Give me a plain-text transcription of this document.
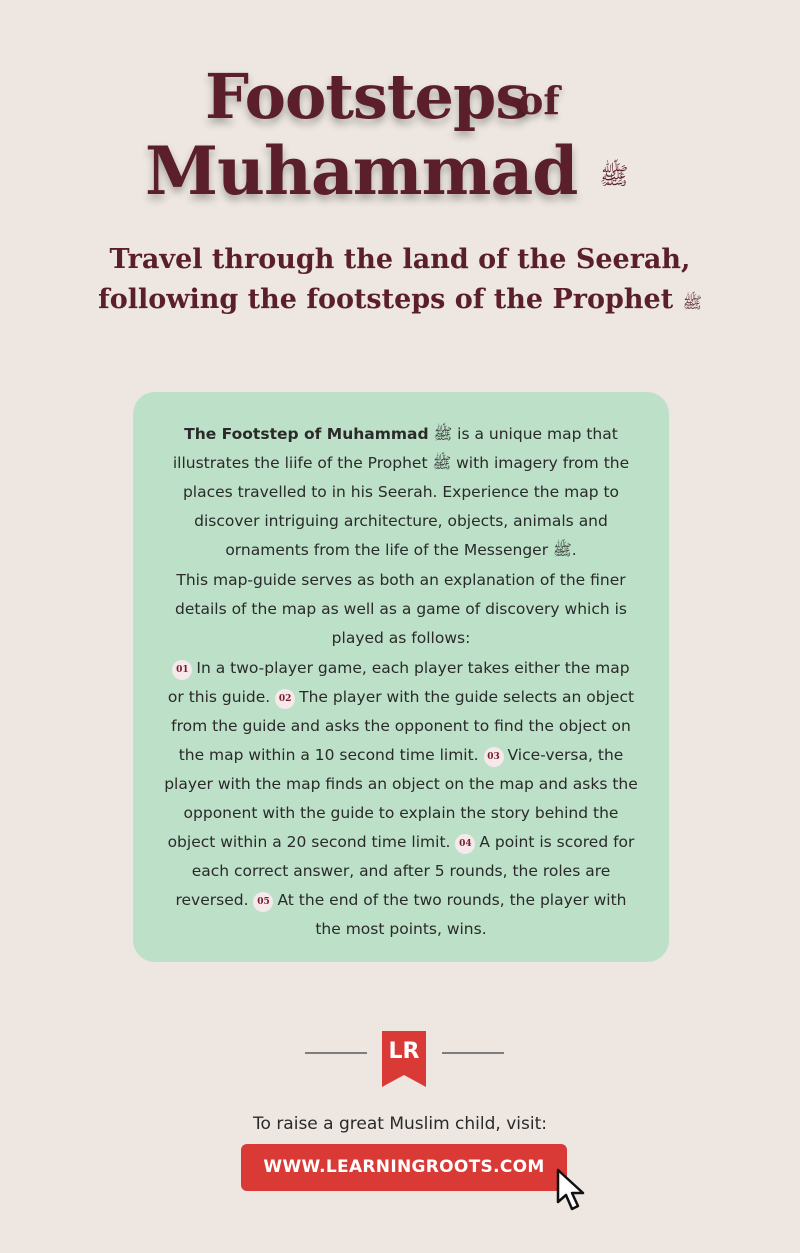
Footsteps
of
Muhammad ﷺ
Travel through the land of the Seerah,
following the footsteps of the Prophet ﷺ
The Footstep of Muhammad ﷺ is a unique map that illustrates the liife of the Prophet ﷺ with imagery from the places travelled to in his Seerah. Experience the map to discover intriguing architecture, objects, animals and ornaments from the life of the Messenger ﷺ.
This map-guide serves as both an explanation of the finer details of the map as well as a game of discovery which is played as follows:
01 In a two-player game, each player takes either the map or this guide. 02 The player with the guide selects an object from the guide and asks the opponent to find the object on the map within a 10 second time limit. 03 Vice-versa, the player with the map finds an object on the map and asks the opponent with the guide to explain the story behind the object within a 20 second time limit. 04 A point is scored for each correct answer, and after 5 rounds, the roles are reversed. 05 At the end of the two rounds, the player with the most points, wins.
LR
To raise a great Muslim child, visit:
WWW.LEARNINGROOTS.COM
